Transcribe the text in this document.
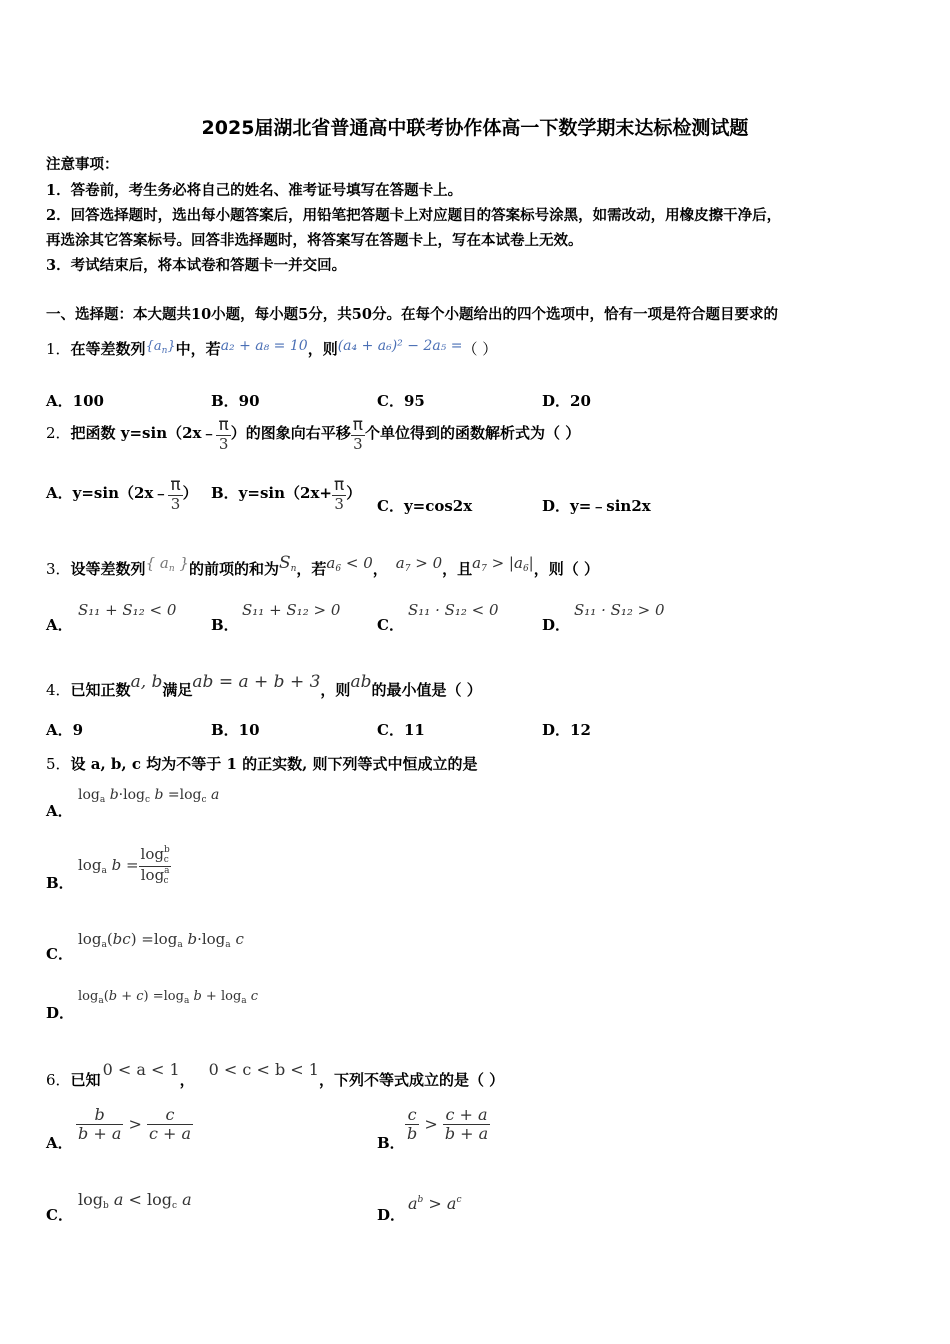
2025届湖北省普通高中联考协作体高一下数学期末达标检测试题
注意事项：
1．答卷前，考生务必将自己的姓名、准考证号填写在答题卡上。
2．回答选择题时，选出每小题答案后，用铅笔把答题卡上对应题目的答案标号涂黑，如需改动，用橡皮擦干净后，
再选涂其它答案标号。回答非选择题时，将答案写在答题卡上，写在本试卷上无效。
3．考试结束后，将本试卷和答题卡一并交回。
一、选择题：本大题共10小题，每小题5分，共50分。在每个小题给出的四个选项中，恰有一项是符合题目要求的
1．在等差数列$\{a_n\}$中，若a₂ + a₈ = 10，则(a₄ + a₆)² − 2a₅ =（ ）
A．100	B．90	C．95	D．20
2．把函数 y=sin（2x﹣ $\frac{\pi}{3}$ ）的图象向右平移 $\frac{\pi}{3}$ 个单位得到的函数解析式为（ ）
A．y=sin（2x﹣ $\frac{\pi}{3}$ ） B．$y=\sin(2x+ \frac{\pi}{3}$ ）
C．y=cos2x	D．y=﹣sin2x
3．设等差数列{ $a_n$ }的前项的和为$S_n$，若$a_6 < 0$， $a_7 > 0$，且$a_7 > |a_6|$，则（ ）
A．
S₁₁ + S₁₂ < 0
B．
S₁₁ + S₁₂ > 0
C．
S₁₁ · S₁₂ < 0
D．
S₁₁ · S₁₂ > 0
4．已知正数a, b满足ab = a + b + 3，则ab的最小值是（ ）
A．9	B．10	C．11	D．12
5．设 a, b, c 均为不等于 1 的正实数, 则下列等式中恒成立的是
A．
$\log_a b\cdot\log_c$ $b =\log_c$ a
B．
$\log_a b = \frac{\log^b_c}{\log^a_c}$
C．
$\log_a(bc) =\log_a$ $b\cdot\log_a$ c
D．
$\log_a(b + c) =\log_a$ $b + \log_a c$
6．已知0 < a < 1，0 < c < b < 1，下列不等式成立的是（ ）
A．
$\frac{b}{b + a} > \frac{c}{c + a}$
B．
$\frac{c}{b} > \frac{c + a}{b + a}$
C．
$\log_b a < \log_c a$
D．
$a^b > a^c$
